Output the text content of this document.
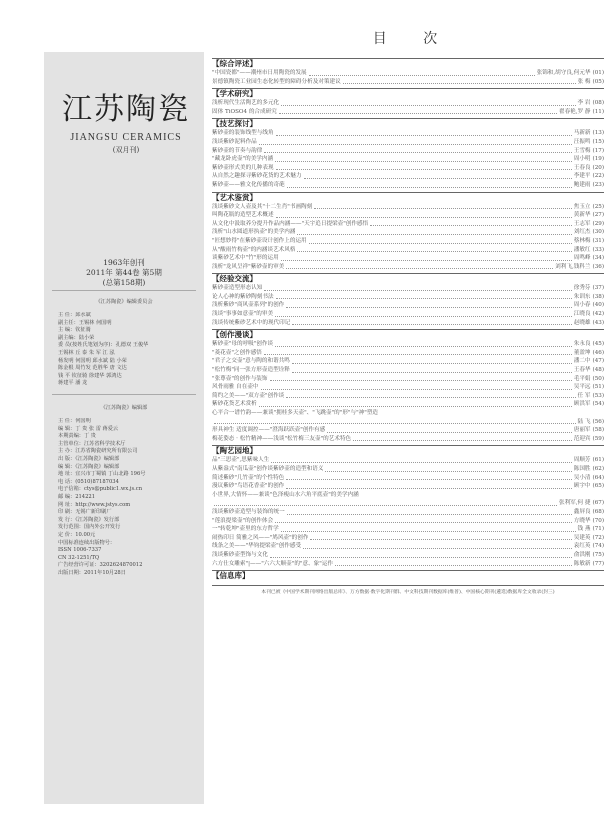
江苏陶瓷
JIANGSU CERAMICS
(双月刊)
1963年创刊
2011年 第44卷 第5期
(总第158期)
《江苏陶瓷》编辑委员会
主 任：邱水斌
副主任：王锡林 何国明
主 编：钦征骑
副主编：陆小荣
委 员(按姓氏笔划为序)：孔德双 王俊华
王锡林 丘 泰 朱 军 江 泓
杨发明 何国明 邱水斌 陆 小荣
陈金根 周竹发 范胜华 唐 文达
钱 平 钦征骑 徐建华 郭鸿达
蒋建平 潘 龙
《江苏陶瓷》编辑部
主 任：何国明
编 辑：丁 贵 张 雷 蒋爱云
本期责编：丁 贵
主管单位：江苏省科学技术厅
主 办：江苏省陶瓷研究所有限公司
出 版：《江苏陶瓷》编辑部
编 辑：《江苏陶瓷》编辑部
地 址：宜兴市丁蜀镇 丁山北路 196号
电 话：(0510)87187034
电子信箱：ctys@public1.wx.js.cn
邮 编：214221
网 址：http://www.jstys.com
印 刷：无锡广新印刷厂
发 行：《江苏陶瓷》发行部
发行范围：国内外公开发行
定 价：10.00元
中国标准连续出版物号：
ISSN 1006-7337
CN 32-1251/TQ
广告经营许可证：3202624870012
出版日期：2011年10月28日
目 次
【综合评述】
"中国瓷都"——潮州市日用陶瓷的发展	张锦和,胡守良,何元华 (01)
景德镇陶瓷工业园生态化转型的障碍分析及对策建议	张 梅 (05)
【学术研究】
浅析现代生活陶艺的多元化	李 岩 (08)
固体 TiOSO4 的合成研究	翟春艳,罗 静 (11)
【技艺探讨】
紫砂壶的装饰线型与线角	马新新 (13)
浅谈紫砂泥料作品	汪振鸣 (15)
紫砂壶的节奏与韵律	王雪梅 (17)
"藏龙卧虎壶"的美学内涵	周小明 (19)
紫砂壶形式美的几种表现	王春良 (20)
从自然之趣探寻紫砂花货的艺术魅力	李建平 (22)
紫砂壶——雅文化传播的奇葩	鲍建雨 (23)
【艺术鉴赏】
浅谈紫砂文人壶及其"十二生肖"书画陶刻	焦玉立 (25)
叫陶花瓶的造型艺术概述	黄新华 (27)
从文化中汲取养分提升作品内涵——"天宇追日提梁壶"创作感悟	王志军 (29)
浅析"山水圆道形执壶"的美学内涵	刘红杰 (30)
"匠想妙得"在紫砂壶设计创作上的运用	蔡林梅 (31)
从"酸雨竹构壶"的内涵谈艺术风格	潘敏红 (33)
谈紫砂艺术中"竹"形的运用	周鸣峰 (34)
浅析"龙风呈祥"紫砂壶的审美	刘利飞,钱科兰 (36)
【经验交流】
紫砂壶造型形态认知	徐秀芬 (37)
论人心神的紫砂陶刻书法	朱训东 (38)
浅析紫砂"商风壶系列"的创作	周小春 (40)
浅谈"事事如意壶"的审美	江晓良 (42)
浅谈传统紫砂艺术中的现代印记	赵晓雄 (43)
【创作漫谈】
紫砂壶"母的呼吸"创作谈	朱永良 (45)
"菱花壶"之创作感悟	董盈坤 (46)
"君子之交壶"意与陶的和谐共鸣	潘二中 (47)
"松竹梅"同一张方形壶造型诠释	王春华 (48)
"张尊壶"的创作与装饰	毛平娟 (50)
风骨雨雅 自在壶中	吴平远 (51)
简约之美——"双方壶"创作谈	任 军 (53)
紫砂花货艺术赏析	顾洪军 (54)
心平合一谱竹韵——兼谈"拥桂多天壶"、"飞跳壶"的"形"与"神"塑造
陆 飞 (56)
形具神生 适度调控——"澄海跃跃壶"创作有感	唐丽军 (58)
梅花姿态 · 松竹精神——浅谈"松竹梅三友壶"的艺术特色	范迎宾 (59)
【陶艺园地】
品"三思壶",思紫味人生	周顺芳 (61)
从紫盎式"南瓜壶"创作谈紫砂壶的造型和语义	陈国胜 (62)
简述紫砂"几竹壶"的个性特色	吴小清 (64)
漫议紫砂"鸟语花香壶"的创作	顾宇中 (65)
小世界,大情怀——兼谈"色泽瘦山水六角平底壶"的美学内涵
张利军,何 捷 (67)
浅谈紫砂壶造型与装饰的统一	鑫屏良 (68)
"莲浪提梁壶"的创作体会	方晓华 (70)
一"转乾坤"壶里的东方哲学	钱 燕 (71)
闹热印日 简雅之风——"鸠风壶"的创作	吴建英 (72)
线条之美——"华钧提梁壶"创作感受	袁红英 (74)
浅谈紫砂壶型饰与文化	俞洪刚 (75)
六方仕女雕索"|——"六六大顺壶"的"意、象"运作	陈敏新 (77)
【信息库】
本刊已被《中国学术期刊网络出版总库》、万方数据·数字化期刊群、中文科技期刊数据库(维普)、中国核心期刊(遴选)数据库全文收录(封三)
